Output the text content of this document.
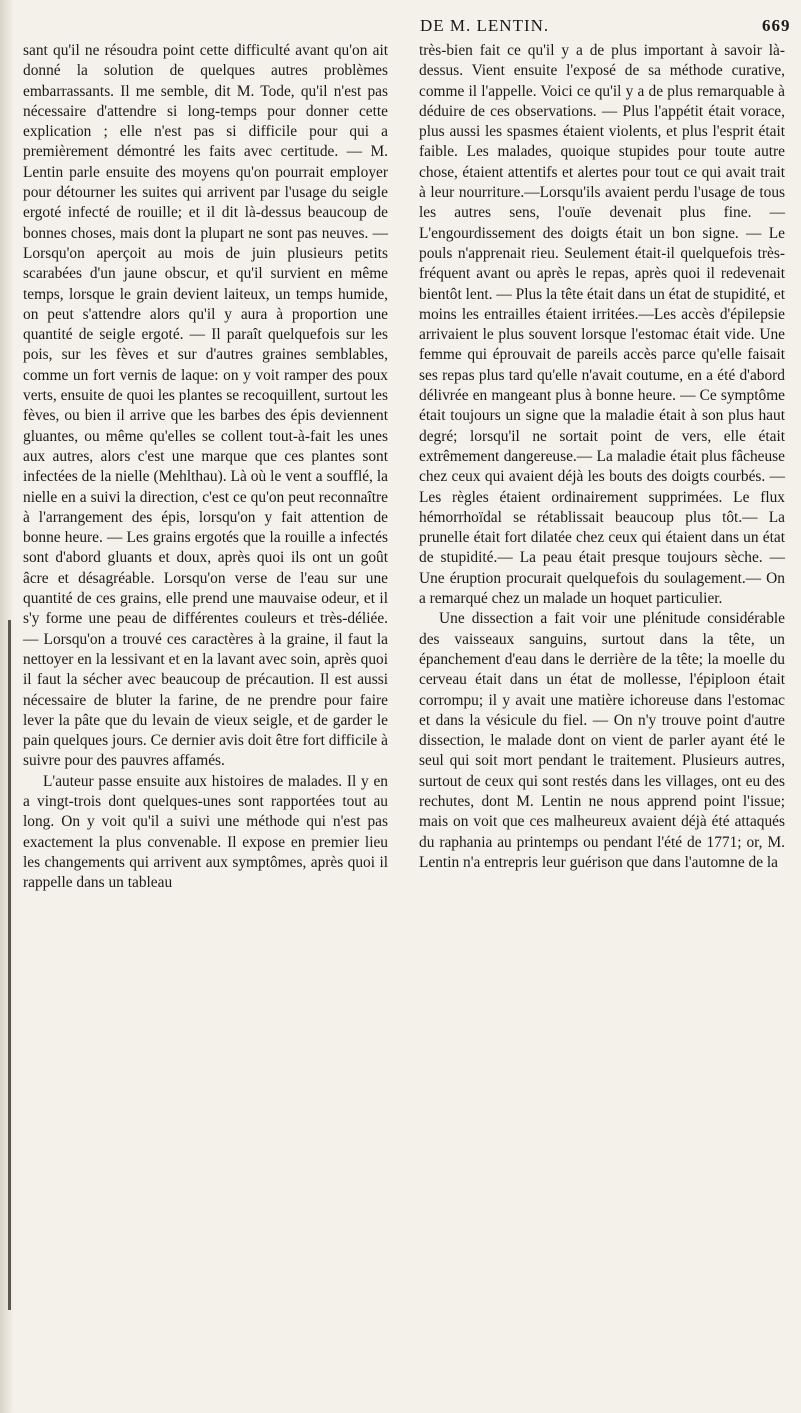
DE M. LENTIN.	669

sant qu'il ne résoudra point cette difficulté avant qu'on ait donné la solution de quelques autres problèmes embarrassants. Il me semble, dit M. Tode, qu'il n'est pas nécessaire d'attendre si long-temps pour donner cette explication ; elle n'est pas si difficile pour qui a premièrement démontré les faits avec certitude. — M. Lentin parle ensuite des moyens qu'on pourrait employer pour détourner les suites qui arrivent par l'usage du seigle ergoté infecté de rouille; et il dit là-dessus beaucoup de bonnes choses, mais dont la plupart ne sont pas neuves. — Lorsqu'on aperçoit au mois de juin plusieurs petits scarabées d'un jaune obscur, et qu'il survient en même temps, lorsque le grain devient laiteux, un temps humide, on peut s'attendre alors qu'il y aura à proportion une quantité de seigle ergoté. — Il paraît quelquefois sur les pois, sur les fèves et sur d'autres graines semblables, comme un fort vernis de laque: on y voit ramper des poux verts, ensuite de quoi les plantes se recoquillent, surtout les fèves, ou bien il arrive que les barbes des épis deviennent gluantes, ou même qu'elles se collent tout-à-fait les unes aux autres, alors c'est une marque que ces plantes sont infectées de la nielle (Mehlthau). Là où le vent a soufflé, la nielle en a suivi la direction, c'est ce qu'on peut reconnaître à l'arrangement des épis, lorsqu'on y fait attention de bonne heure. — Les grains ergotés que la rouille a infectés sont d'abord gluants et doux, après quoi ils ont un goût âcre et désagréable. Lorsqu'on verse de l'eau sur une quantité de ces grains, elle prend une mauvaise odeur, et il s'y forme une peau de différentes couleurs et très-déliée. — Lorsqu'on a trouvé ces caractères à la graine, il faut la nettoyer en la lessivant et en la lavant avec soin, après quoi il faut la sécher avec beaucoup de précaution. Il est aussi nécessaire de bluter la farine, de ne prendre pour faire lever la pâte que du levain de vieux seigle, et de garder le pain quelques jours. Ce dernier avis doit être fort difficile à suivre pour des pauvres affamés.

L'auteur passe ensuite aux histoires de malades. Il y en a vingt-trois dont quelques-unes sont rapportées tout au long. On y voit qu'il a suivi une méthode qui n'est pas exactement la plus convenable. Il expose en premier lieu les changements qui arrivent aux symptômes, après quoi il rappelle dans un tableau

très-bien fait ce qu'il y a de plus important à savoir là-dessus. Vient ensuite l'exposé de sa méthode curative, comme il l'appelle. Voici ce qu'il y a de plus remarquable à déduire de ces observations. — Plus l'appétit était vorace, plus aussi les spasmes étaient violents, et plus l'esprit était faible. Les malades, quoique stupides pour toute autre chose, étaient attentifs et alertes pour tout ce qui avait trait à leur nourriture.—Lorsqu'ils avaient perdu l'usage de tous les autres sens, l'ouïe devenait plus fine. — L'engourdissement des doigts était un bon signe. — Le pouls n'apprenait rieu. Seulement était-il quelquefois très-fréquent avant ou après le repas, après quoi il redevenait bientôt lent. — Plus la tête était dans un état de stupidité, et moins les entrailles étaient irritées.—Les accès d'épilepsie arrivaient le plus souvent lorsque l'estomac était vide. Une femme qui éprouvait de pareils accès parce qu'elle faisait ses repas plus tard qu'elle n'avait coutume, en a été d'abord délivrée en mangeant plus à bonne heure. — Ce symptôme était toujours un signe que la maladie était à son plus haut degré; lorsqu'il ne sortait point de vers, elle était extrêmement dangereuse.— La maladie était plus fâcheuse chez ceux qui avaient déjà les bouts des doigts courbés. — Les règles étaient ordinairement supprimées. Le flux hémorrhoïdal se rétablissait beaucoup plus tôt.— La prunelle était fort dilatée chez ceux qui étaient dans un état de stupidité.— La peau était presque toujours sèche. — Une éruption procurait quelquefois du soulagement.— On a remarqué chez un malade un hoquet particulier.

Une dissection a fait voir une plénitude considérable des vaisseaux sanguins, surtout dans la tête, un épanchement d'eau dans le derrière de la tête; la moelle du cerveau était dans un état de mollesse, l'épiploon était corrompu; il y avait une matière ichoreuse dans l'estomac et dans la vésicule du fiel. — On n'y trouve point d'autre dissection, le malade dont on vient de parler ayant été le seul qui soit mort pendant le traitement. Plusieurs autres, surtout de ceux qui sont restés dans les villages, ont eu des rechutes, dont M. Lentin ne nous apprend point l'issue; mais on voit que ces malheureux avaient déjà été attaqués du raphania au printemps ou pendant l'été de 1771; or, M. Lentin n'a entrepris leur guérison que dans l'automne de la
